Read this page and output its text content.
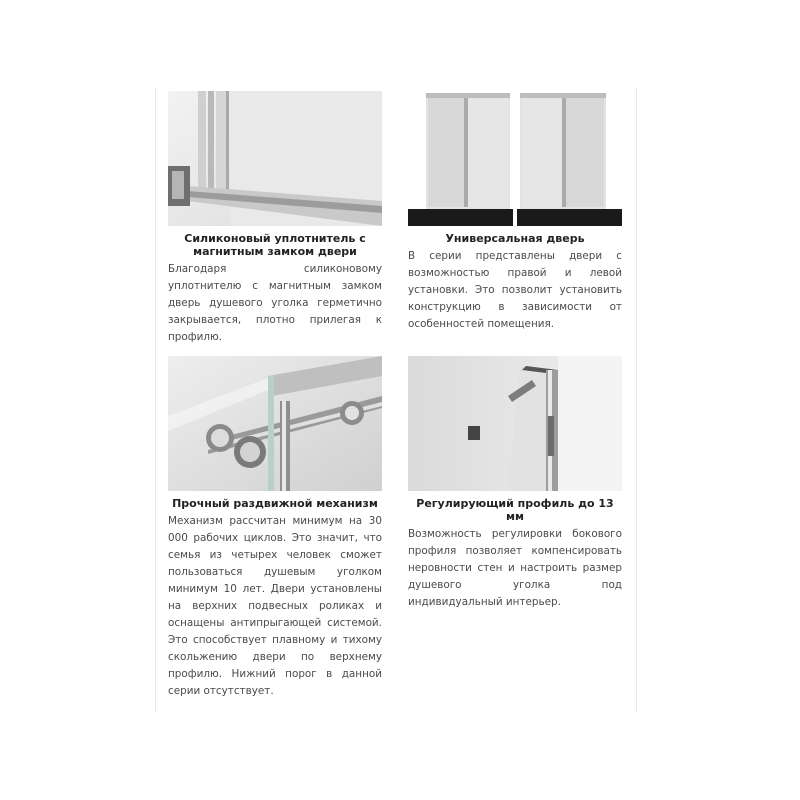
Силиконовый уплотнитель с магнитным замком двери

Благодаря силиконовому уплотнителю с магнитным замком дверь душевого уголка герметично закрывается, плотно прилегая к профилю.

Универсальная дверь

В серии представлены двери с возможностью правой и левой установки. Это позволит установить конструкцию в зависимости от особенностей помещения.

Прочный раздвижной механизм

Механизм рассчитан минимум на 30 000 рабочих циклов. Это значит, что семья из четырех человек сможет пользоваться душевым уголком минимум 10 лет. Двери установлены на верхних подвесных роликах и оснащены антипрыгающей системой. Это способствует плавному и тихому скольжению двери по верхнему профилю. Нижний порог в данной серии отсутствует.

Регулирующий профиль до 13 мм

Возможность регулировки бокового профиля позволяет компенсировать неровности стен и настроить размер душевого уголка под индивидуальный интерьер.
